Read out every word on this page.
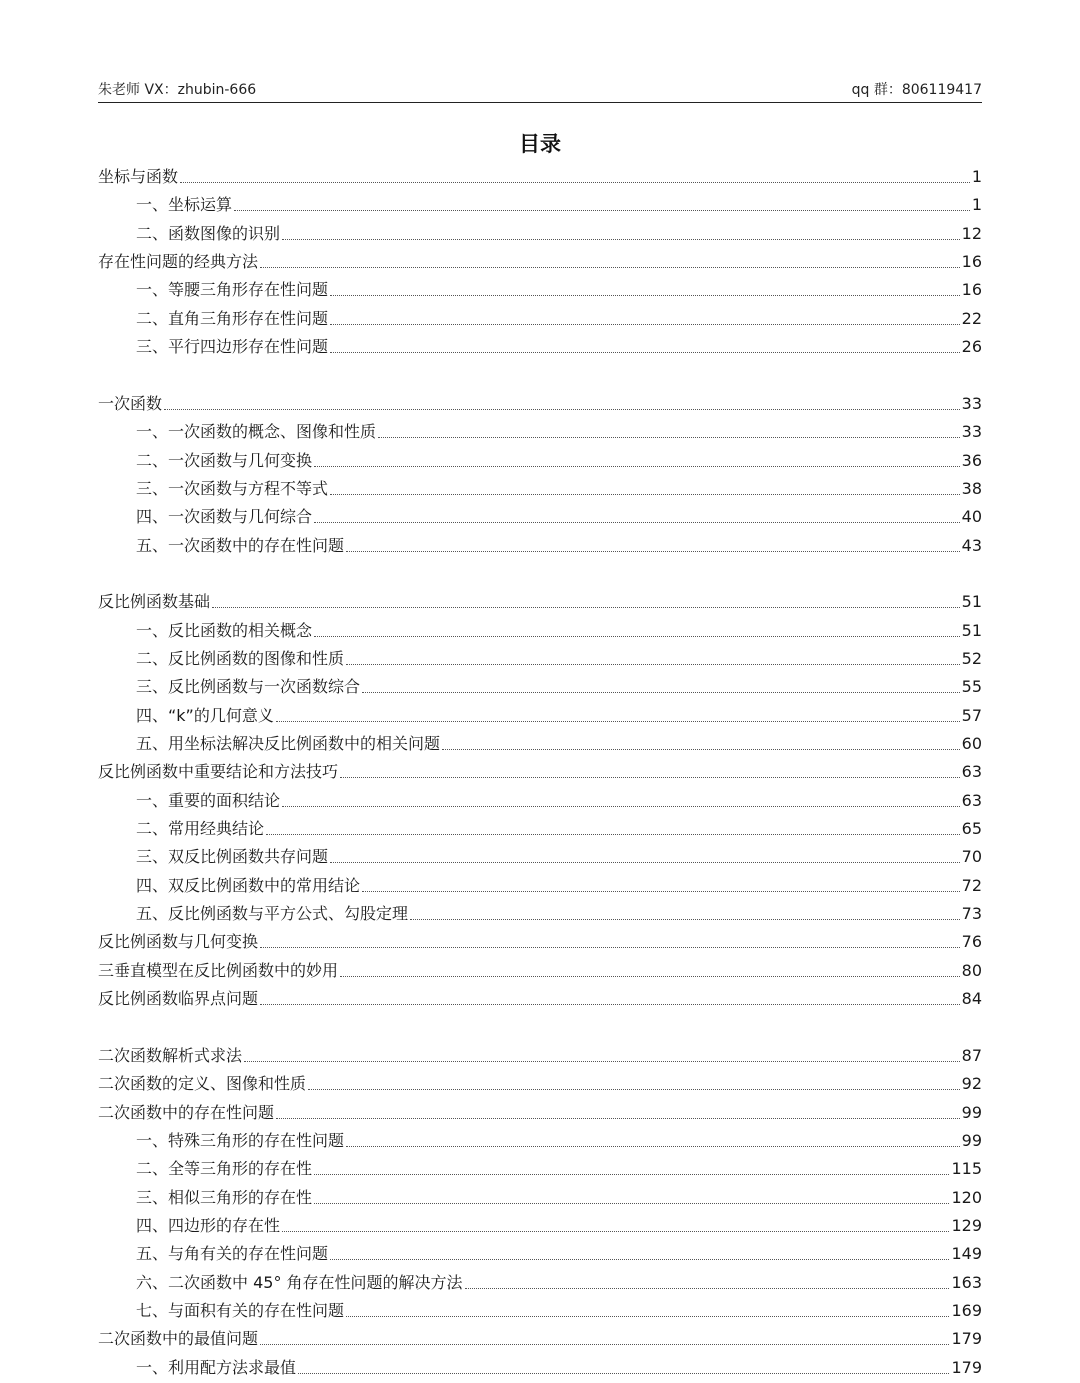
朱老师 VX：zhubin-666	qq 群：806119417
目录
坐标与函数	1
一、坐标运算	1
二、函数图像的识别	12
存在性问题的经典方法	16
一、等腰三角形存在性问题	16
二、直角三角形存在性问题	22
三、平行四边形存在性问题	26
一次函数	33
一、一次函数的概念、图像和性质	33
二、一次函数与几何变换	36
三、一次函数与方程不等式	38
四、一次函数与几何综合	40
五、一次函数中的存在性问题	43
反比例函数基础	51
一、反比函数的相关概念	51
二、反比例函数的图像和性质	52
三、反比例函数与一次函数综合	55
四、“k”的几何意义	57
五、用坐标法解决反比例函数中的相关问题	60
反比例函数中重要结论和方法技巧	63
一、重要的面积结论	63
二、常用经典结论	65
三、双反比例函数共存问题	70
四、双反比例函数中的常用结论	72
五、反比例函数与平方公式、勾股定理	73
反比例函数与几何变换	76
三垂直模型在反比例函数中的妙用	80
反比例函数临界点问题	84
二次函数解析式求法	87
二次函数的定义、图像和性质	92
二次函数中的存在性问题	99
一、特殊三角形的存在性问题	99
二、全等三角形的存在性	115
三、相似三角形的存在性	120
四、四边形的存在性	129
五、与角有关的存在性问题	149
六、二次函数中 45° 角存在性问题的解决方法	163
七、与面积有关的存在性问题	169
二次函数中的最值问题	179
一、利用配方法求最值	179
